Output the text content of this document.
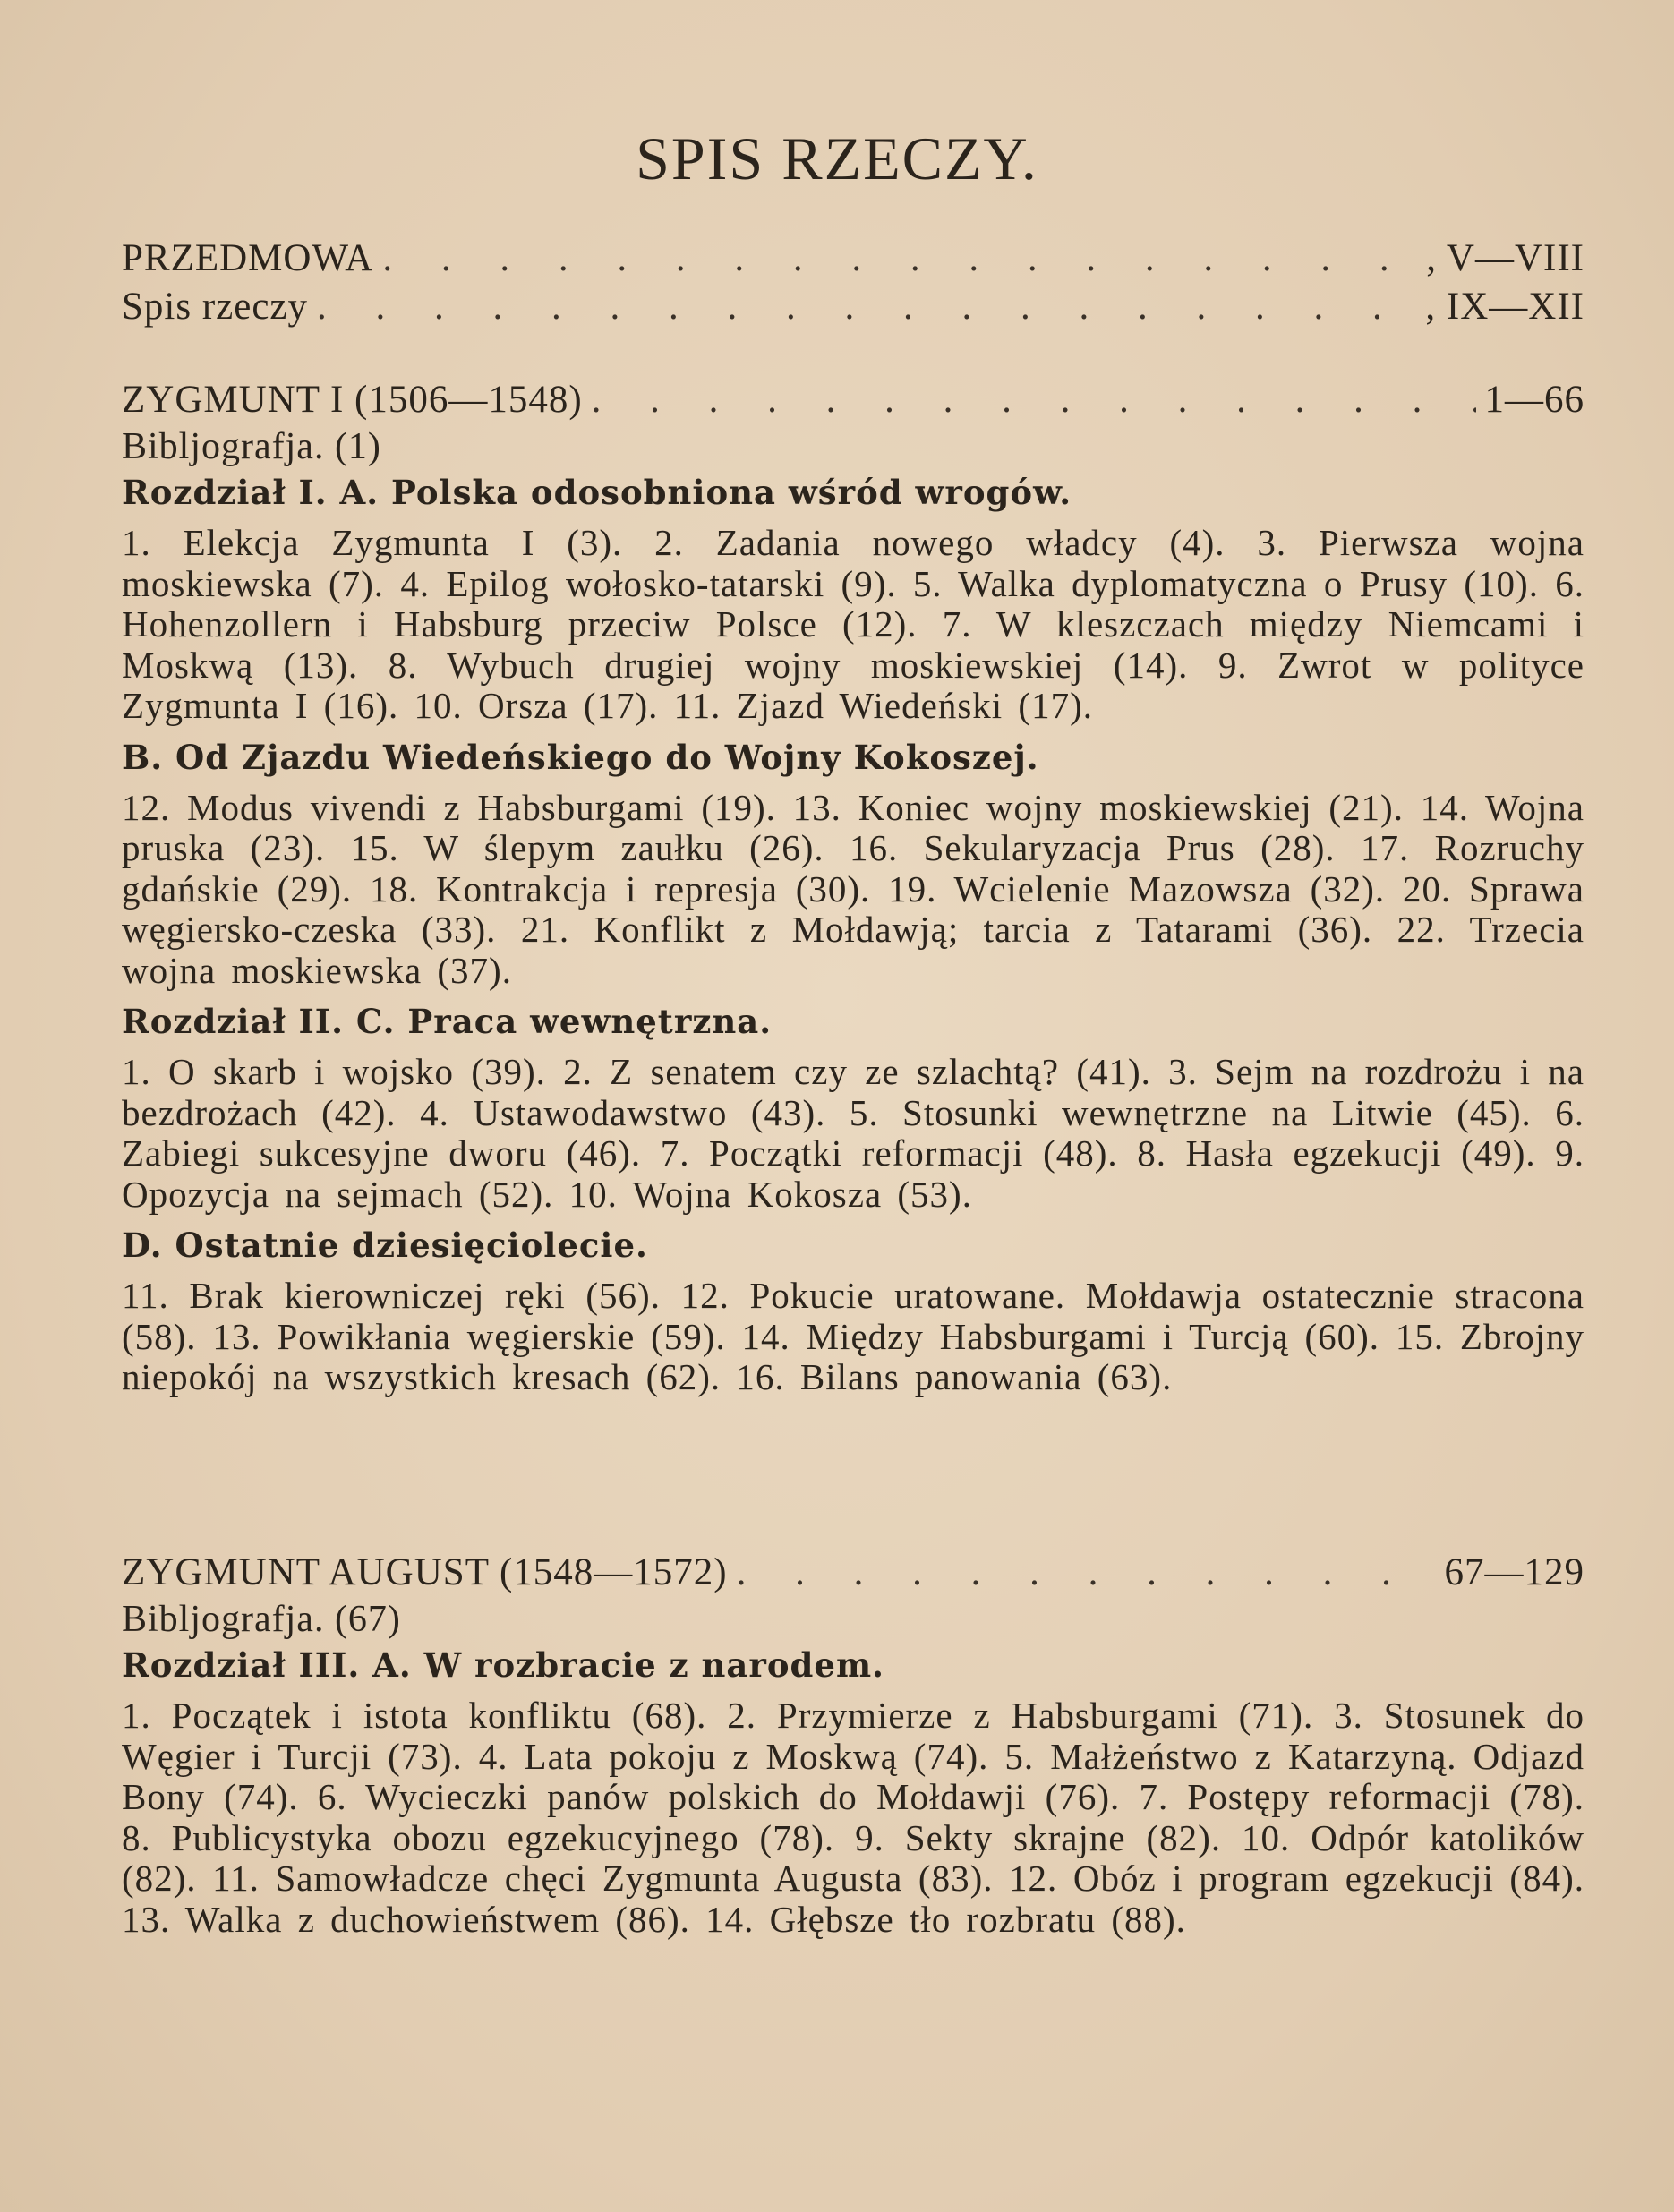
SPIS RZECZY.
PRZEDMOWA . . .	, V—VIII
Spis rzeczy . . .	, IX—XII
ZYGMUNT I (1506—1548) . . .	1—66
Bibljografja. (1)
Rozdział I. A. Polska odosobniona wśród wrogów.

1. Elekcja Zygmunta I (3). 2. Zadania nowego władcy (4). 3. Pierwsza wojna moskiewska (7). 4. Epilog wołosko-tatarski (9). 5. Walka dyplomatyczna o Prusy (10). 6. Hohenzollern i Habsburg przeciw Polsce (12). 7. W kleszczach między Niemcami i Moskwą (13). 8. Wybuch drugiej wojny moskiewskiej (14). 9. Zwrot w polityce Zygmunta I (16). 10. Orsza (17). 11. Zjazd Wiedeński (17).

B. Od Zjazdu Wiedeńskiego do Wojny Kokoszej.

12. Modus vivendi z Habsburgami (19). 13. Koniec wojny moskiewskiej (21). 14. Wojna pruska (23). 15. W ślepym zaułku (26). 16. Sekularyzacja Prus (28). 17. Rozruchy gdańskie (29). 18. Kontrakcja i represja (30). 19. Wcielenie Mazowsza (32). 20. Sprawa węgiersko-czeska (33). 21. Konflikt z Mołdawją; tarcia z Tatarami (36). 22. Trzecia wojna moskiewska (37).

Rozdział II. C. Praca wewnętrzna.

1. O skarb i wojsko (39). 2. Z senatem czy ze szlachtą? (41). 3. Sejm na rozdrożu i na bezdrożach (42). 4. Ustawodawstwo (43). 5. Stosunki wewnętrzne na Litwie (45). 6. Zabiegi sukcesyjne dworu (46). 7. Początki reformacji (48). 8. Hasła egzekucji (49). 9. Opozycja na sejmach (52). 10. Wojna Kokosza (53).

D. Ostatnie dziesięciolecie.

11. Brak kierowniczej ręki (56). 12. Pokucie uratowane. Mołdawja ostatecznie stracona (58). 13. Powikłania węgierskie (59). 14. Między Habsburgami i Turcją (60). 15. Zbrojny niepokój na wszystkich kresach (62). 16. Bilans panowania (63).

ZYGMUNT AUGUST (1548—1572) . . .	67—129
Bibljografja. (67)
Rozdział III. A. W rozbracie z narodem.

1. Początek i istota konfliktu (68). 2. Przymierze z Habsburgami (71). 3. Stosunek do Węgier i Turcji (73). 4. Lata pokoju z Moskwą (74). 5. Małżeństwo z Katarzyną. Odjazd Bony (74). 6. Wycieczki panów polskich do Mołdawji (76). 7. Postępy reformacji (78). 8. Publicystyka obozu egzekucyjnego (78). 9. Sekty skrajne (82). 10. Odpór katolików (82). 11. Samowładcze chęci Zygmunta Augusta (83). 12. Obóz i program egzekucji (84). 13. Walka z duchowieństwem (86). 14. Głębsze tło rozbratu (88).
